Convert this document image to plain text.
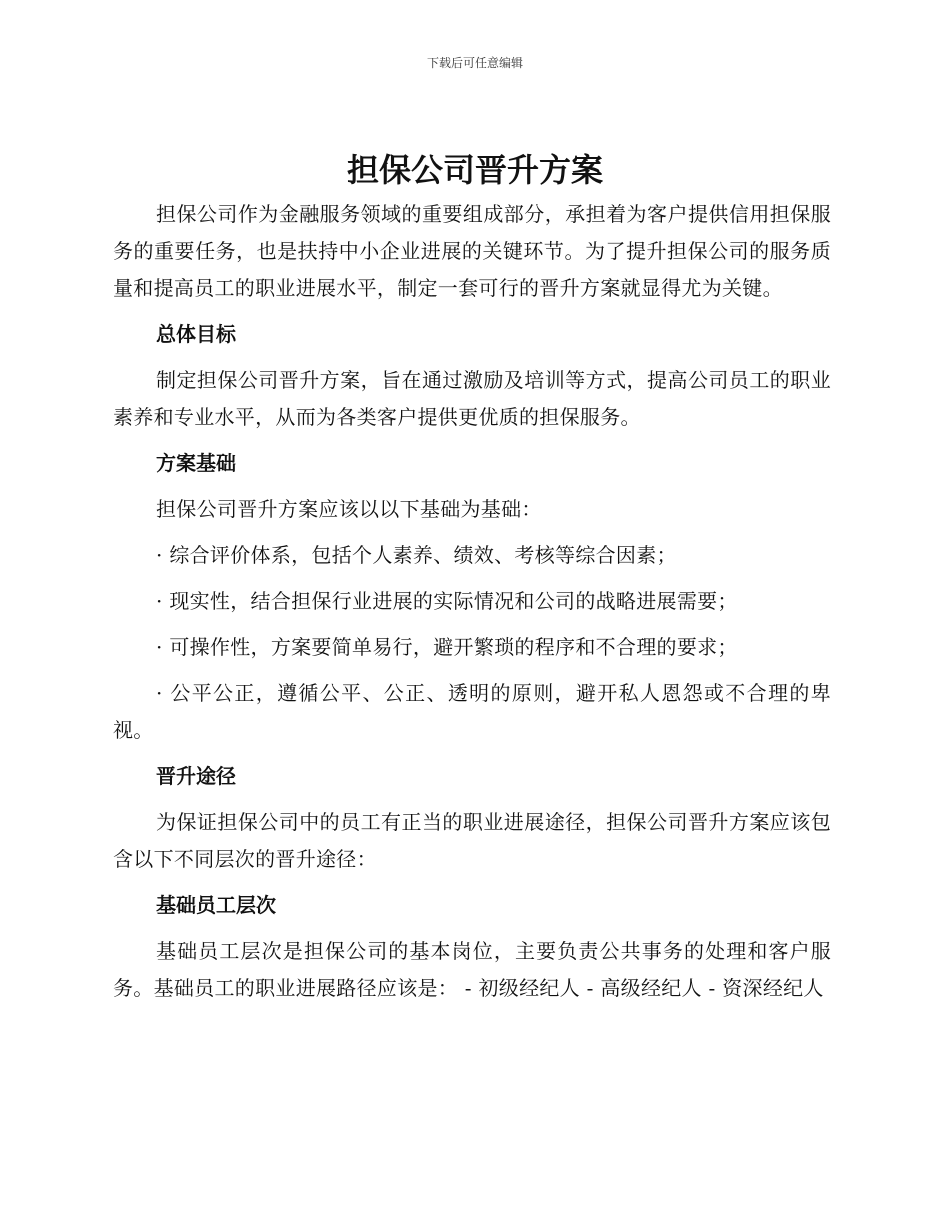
下载后可任意编辑
担保公司晋升方案

担保公司作为金融服务领域的重要组成部分，承担着为客户提供信用担保服务的重要任务，也是扶持中小企业进展的关键环节。为了提升担保公司的服务质量和提高员工的职业进展水平，制定一套可行的晋升方案就显得尤为关键。

总体目标

制定担保公司晋升方案，旨在通过激励及培训等方式，提高公司员工的职业素养和专业水平，从而为各类客户提供更优质的担保服务。

方案基础

担保公司晋升方案应该以以下基础为基础：

· 综合评价体系，包括个人素养、绩效、考核等综合因素；

· 现实性，结合担保行业进展的实际情况和公司的战略进展需要；

· 可操作性，方案要简单易行，避开繁琐的程序和不合理的要求；

· 公平公正，遵循公平、公正、透明的原则，避开私人恩怨或不合理的卑视。

晋升途径

为保证担保公司中的员工有正当的职业进展途径，担保公司晋升方案应该包含以下不同层次的晋升途径：

基础员工层次

基础员工层次是担保公司的基本岗位，主要负责公共事务的处理和客户服务。基础员工的职业进展路径应该是： - 初级经纪人 - 高级经纪人 - 资深经纪人
